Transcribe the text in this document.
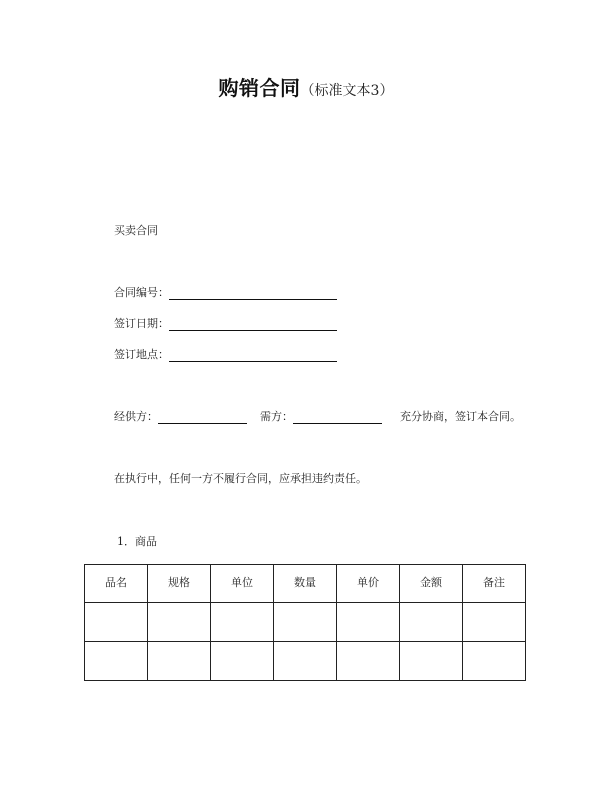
购销合同（标准文本3）
买卖合同
合同编号：
签订日期：
签订地点：
经供方：	需方：	充分协商，签订本合同。
在执行中，任何一方不履行合同，应承担违约责任。
1．商品
品名	规格	单位	数量	单价	金额	备注
